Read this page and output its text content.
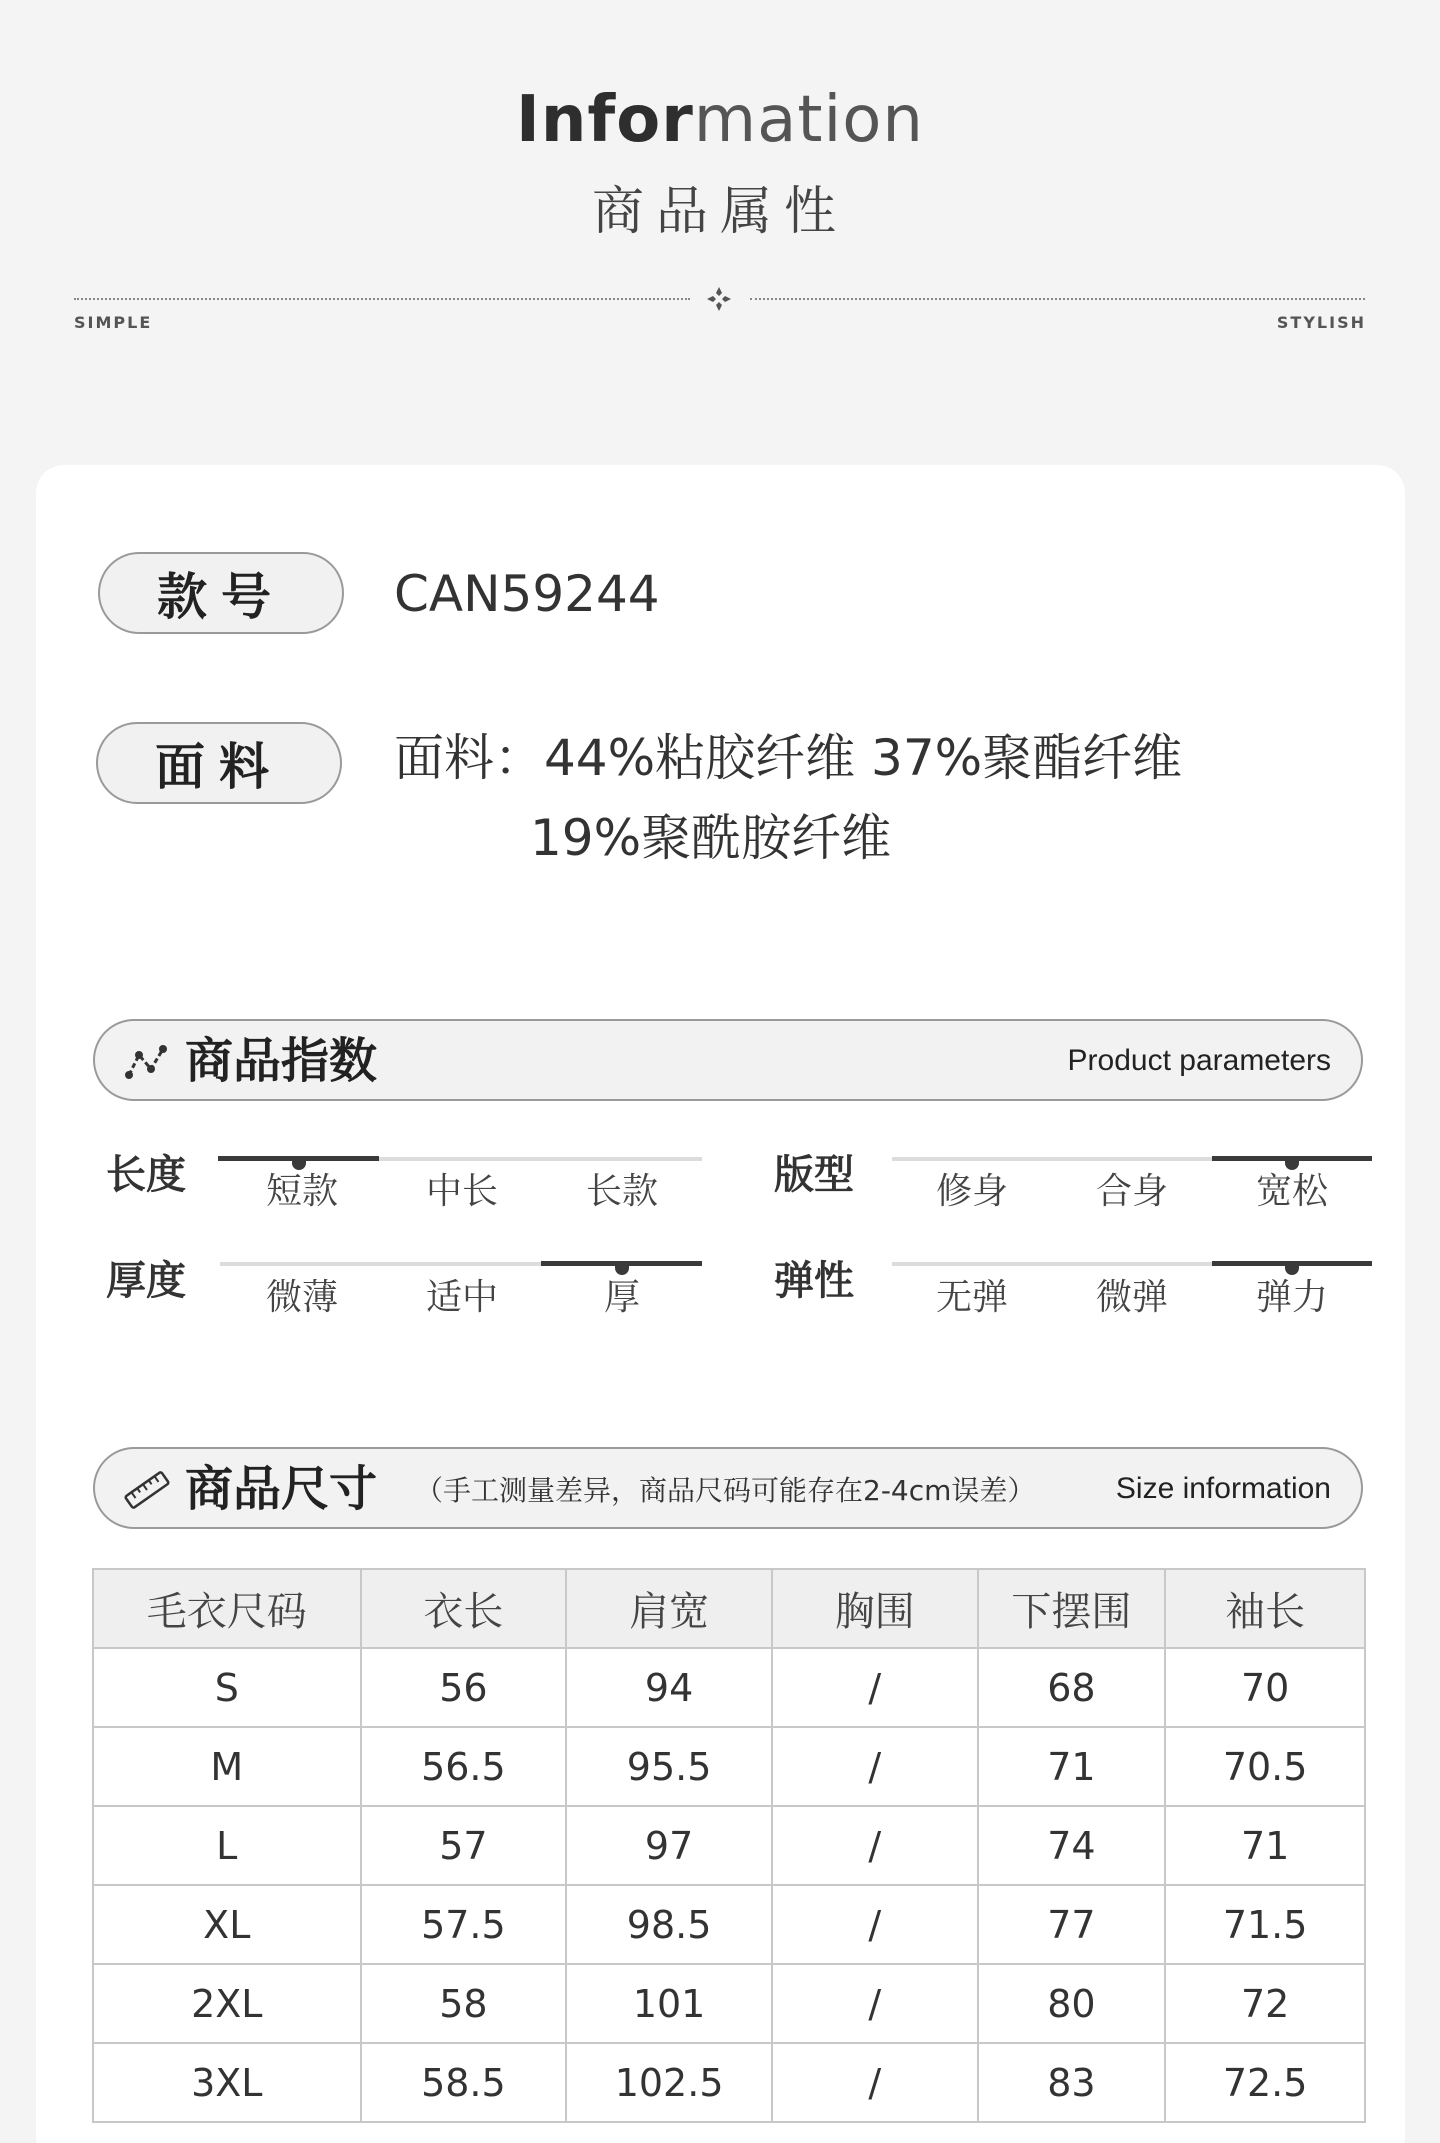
Information
商品属性
SIMPLE	STYLISH
款号	CAN59244
面料	面料：44%粘胶纤维 37%聚酯纤维
19%聚酰胺纤维
商品指数	Product parameters
长度	短款	中长	长款	版型	修身	合身	宽松
厚度	微薄	适中	厚	弹性	无弹	微弹	弹力
商品尺寸 （手工测量差异，商品尺码可能存在2-4cm误差）	Size information
毛衣尺码	衣长	肩宽	胸围	下摆围	袖长
S	56	94	/	68	70
M	56.5	95.5	/	71	70.5
L	57	97	/	74	71
XL	57.5	98.5	/	77	71.5
2XL	58	101	/	80	72
3XL	58.5	102.5	/	83	72.5
